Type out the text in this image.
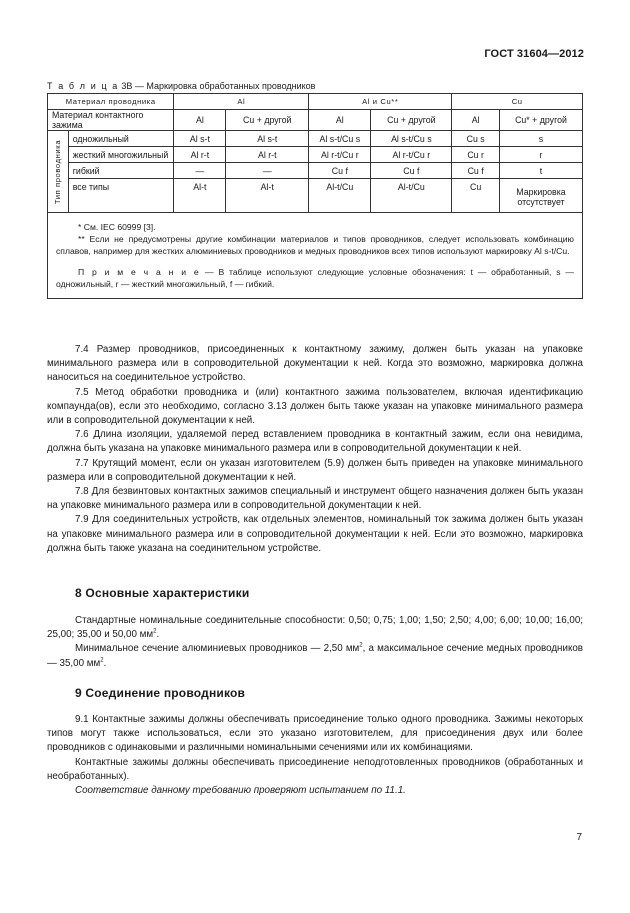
ГОСТ 31604—2012
Т а б л и ц а 3В — Маркировка обработанных проводников
Материал проводника		Al		Al и Cu**		Cu	
Материал контактного зажима		Al	Cu + другой	Al	Cu + другой	Al	Cu* + другой

Тип проводника	одножильный	Al s-t	Al s-t	Al s-t/Cu s	Al s-t/Cu s	Cu s	s
	жесткий многожильный	Al r-t	Al r-t	Al r-t/Cu r	Al r-t/Cu r	Cu r	r
	гибкий	—	—	Cu f	Cu f	Cu f	t
	все типы	Al-t	Al-t	Al-t/Cu	Al-t/Cu	Cu	Маркировка отсутствует

* См. IEC 60999 [3].

** Если не предусмотрены другие комбинации материалов и типов проводников, следует использовать комбинацию сплавов, например для жестких алюминиевых проводников и медных проводников всех типов используют маркировку Al s-t/Cu.

П р и м е ч а н и е — В таблице используют следующие условные обозначения: t — обработанный, s — одножильный, r — жесткий многожильный, f — гибкий.							

7.4 Размер проводников, присоединенных к контактному зажиму, должен быть указан на упаковке минимального размера или в сопроводительной документации к ней. Когда это возможно, маркировка должна наноситься на соединительное устройство.

7.5 Метод обработки проводника и (или) контактного зажима пользователем, включая идентификацию компаунда(ов), если это необходимо, согласно 3.13 должен быть также указан на упаковке минимального размера или в сопроводительной документации к ней.

7.6 Длина изоляции, удаляемой перед вставлением проводника в контактный зажим, если она невидима, должна быть указана на упаковке минимального размера или в сопроводительной документации к ней.

7.7 Крутящий момент, если он указан изготовителем (5.9) должен быть приведен на упаковке минимального размера или в сопроводительной документации к ней.

7.8 Для безвинтовых контактных зажимов специальный и инструмент общего назначения должен быть указан на упаковке минимального размера или в сопроводительной документации к ней.

7.9 Для соединительных устройств, как отдельных элементов, номинальный ток зажима должен быть указан на упаковке минимального размера или в сопроводительной документации к ней. Если это возможно, маркировка должна быть также указана на соединительном устройстве.

8 Основные характеристики

Стандартные номинальные соединительные способности: 0,50; 0,75; 1,00; 1,50; 2,50; 4,00; 6,00; 10,00; 16,00; 25,00; 35,00 и 50,00 $мм^2$.

Минимальное сечение алюминиевых проводников — 2,50 $мм^2$, а максимальное сечение медных проводников — 35,00 $мм^2$.

9 Соединение проводников

9.1 Контактные зажимы должны обеспечивать присоединение только одного проводника. Зажимы некоторых типов могут также использоваться, если это указано изготовителем, для присоединения двух или более проводников с одинаковыми и различными номинальными сечениями или их комбинациями.

Контактные зажимы должны обеспечивать присоединение неподготовленных проводников (обработанных и необработанных).

Соответствие данному требованию проверяют испытанием по 11.1.

7
